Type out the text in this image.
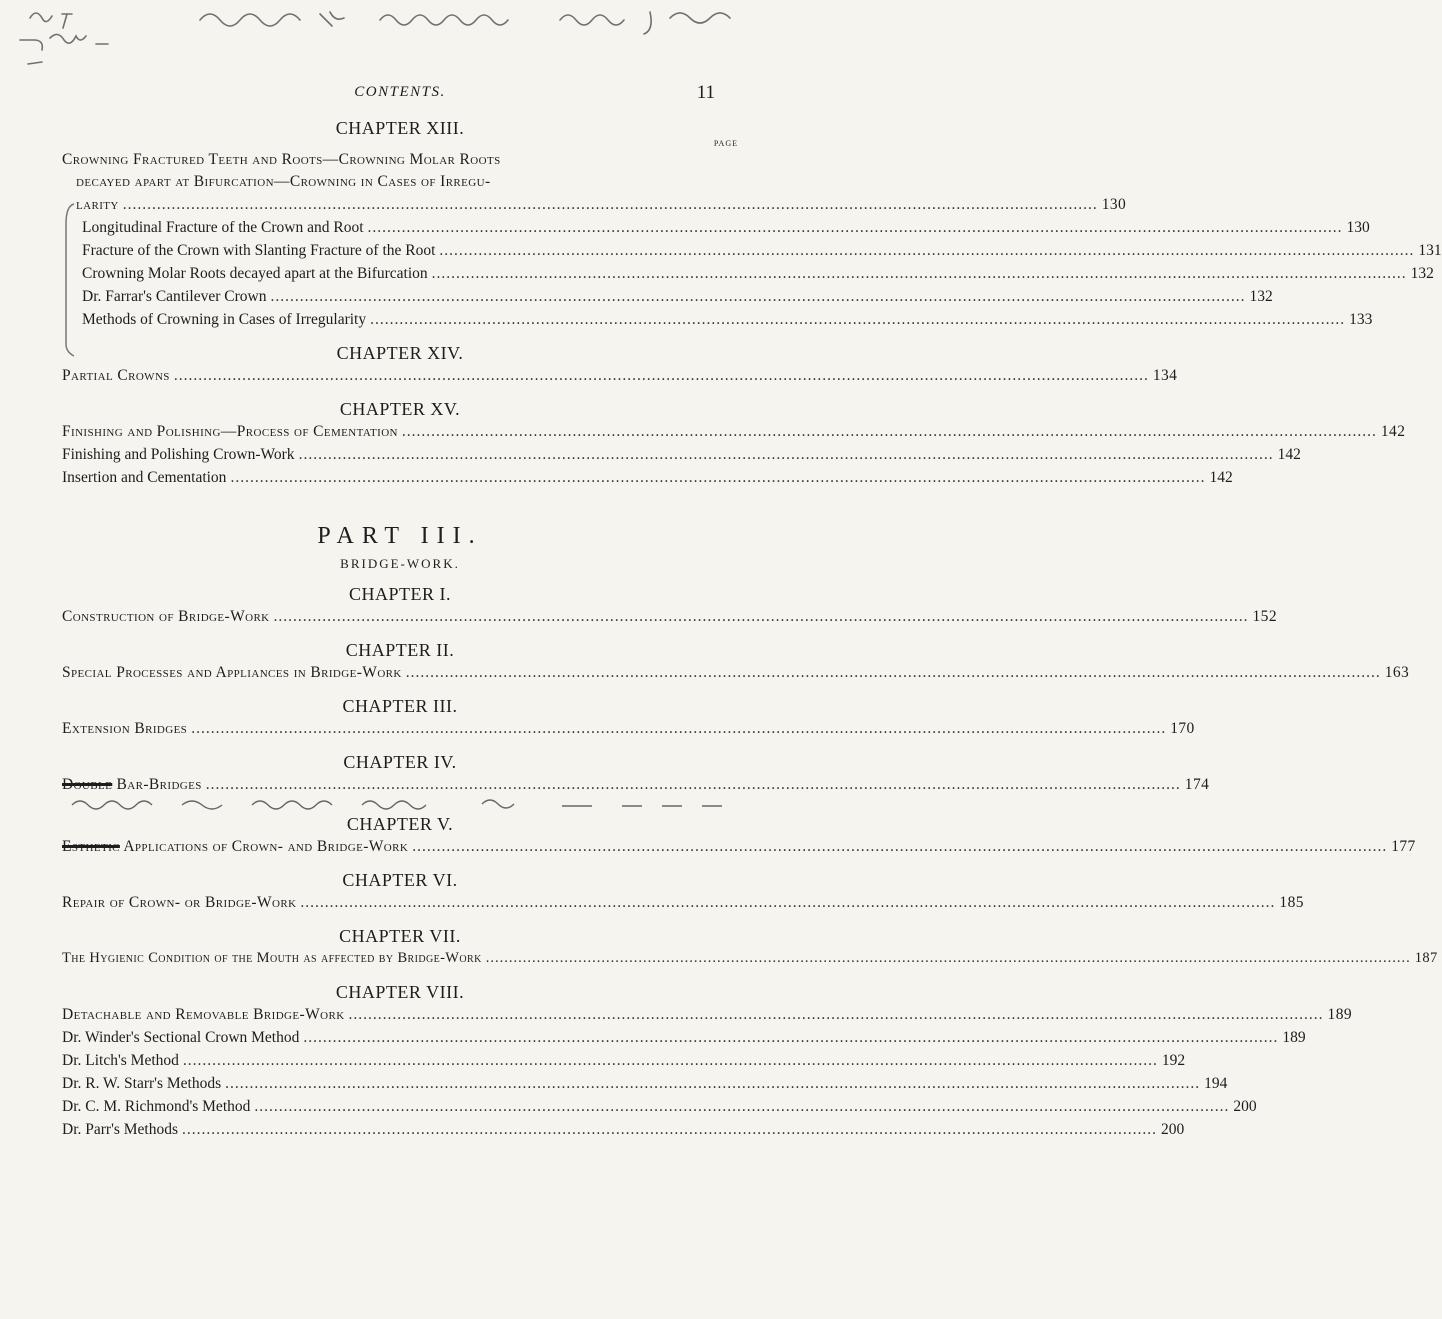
CONTENTS.	11

CHAPTER XIII.

PAGE

Crowning Fractured Teeth and Roots—Crowning Molar Roots
decayed apart at Bifurcation—Crowning in Cases of Irregu-
larity .....	130
Longitudinal Fracture of the Crown and Root .....	130
Fracture of the Crown with Slanting Fracture of the Root .....	131
Crowning Molar Roots decayed apart at the Bifurcation .....	132
Dr. Farrar's Cantilever Crown .....	132
Methods of Crowning in Cases of Irregularity .....	133

CHAPTER XIV.

Partial Crowns .....	134

CHAPTER XV.

Finishing and Polishing—Process of Cementation .....	142
Finishing and Polishing Crown-Work .....	142
Insertion and Cementation .....	142

PART III.

BRIDGE-WORK.

CHAPTER I.

Construction of Bridge-Work .....	152

CHAPTER II.

Special Processes and Appliances in Bridge-Work .....	163

CHAPTER III.

Extension Bridges .....	170

CHAPTER IV.

Double Bar-Bridges .....	174

CHAPTER V.

Esthetic Applications of Crown- and Bridge-Work .....	177

CHAPTER VI.

Repair of Crown- or Bridge-Work .....	185

CHAPTER VII.

The Hygienic Condition of the Mouth as affected by Bridge-Work .....	187

CHAPTER VIII.

Detachable and Removable Bridge-Work .....	189
Dr. Winder's Sectional Crown Method .....	189
Dr. Litch's Method .....	192
Dr. R. W. Starr's Methods .....	194
Dr. C. M. Richmond's Method .....	200
Dr. Parr's Methods .....	200
